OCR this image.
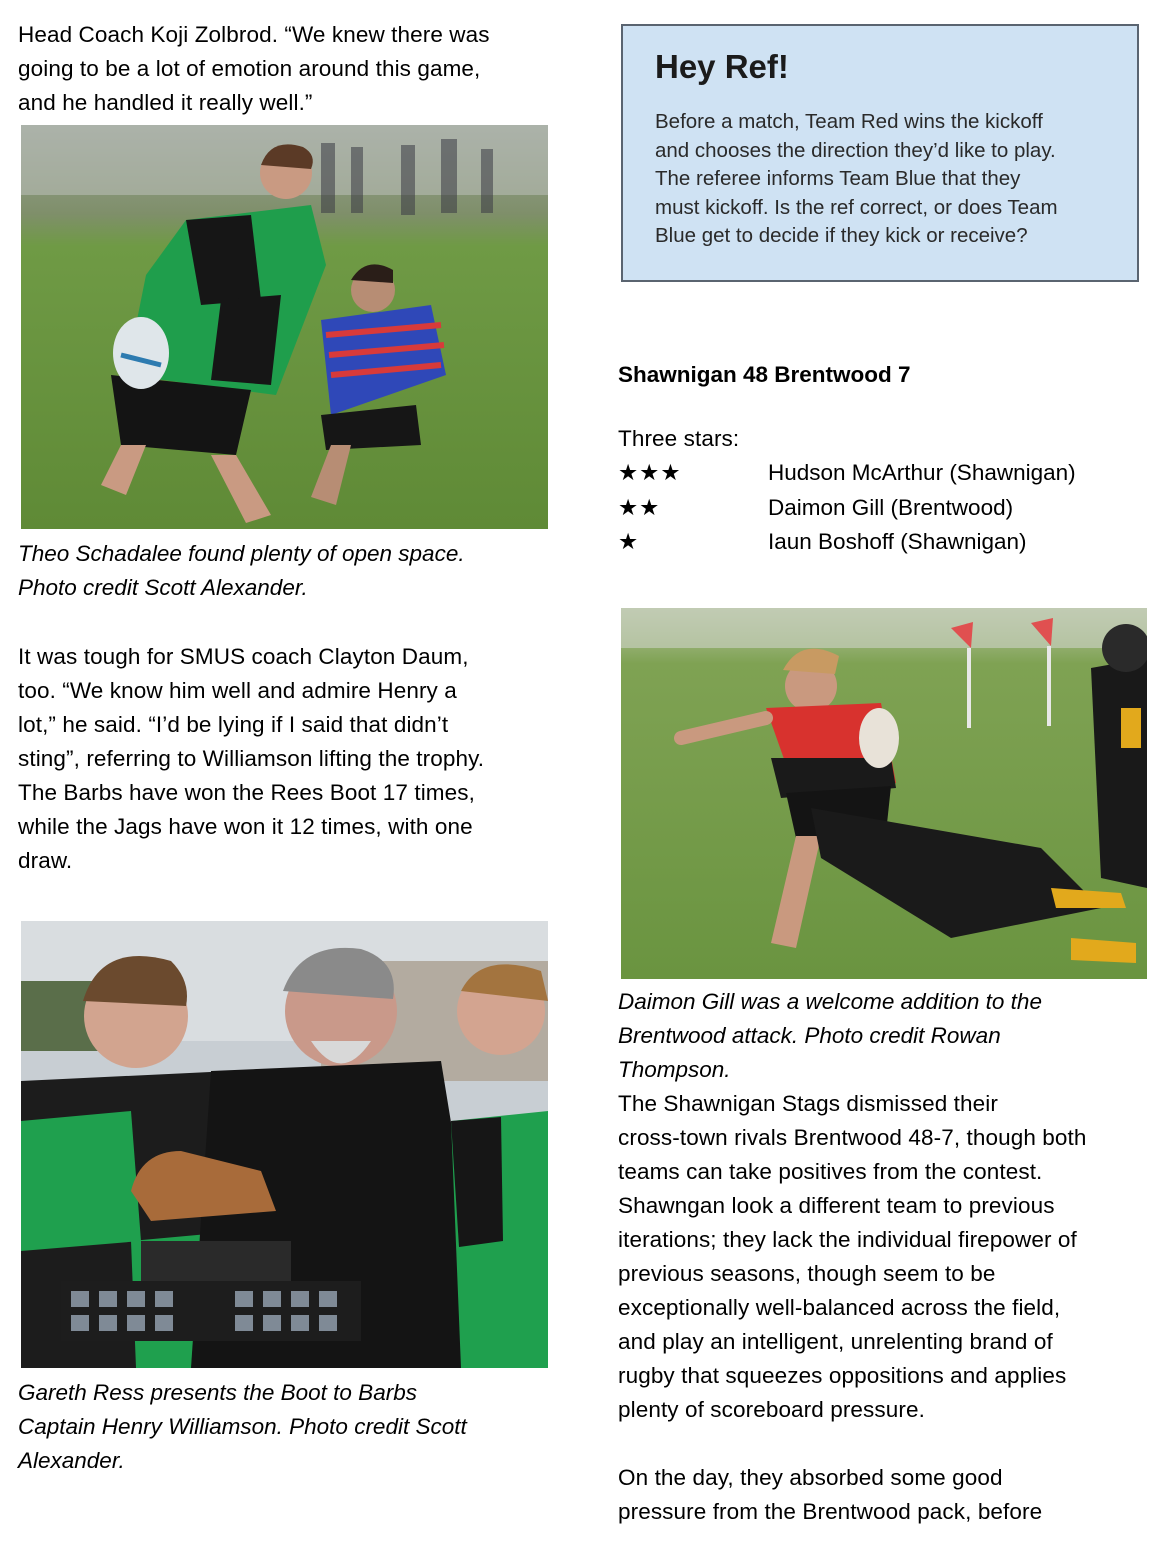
Head Coach Koji Zolbrod. “We knew there was
going to be a lot of emotion around this game,
and he handled it really well.”

Theo Schadalee found plenty of open space.
Photo credit Scott Alexander.

It was tough for SMUS coach Clayton Daum,
too. “We know him well and admire Henry a
lot,” he said. “I’d be lying if I said that didn’t
sting”, referring to Williamson lifting the trophy.
The Barbs have won the Rees Boot 17 times,
while the Jags have won it 12 times, with one
draw.

Gareth Ress presents the Boot to Barbs
Captain Henry Williamson. Photo credit Scott
Alexander.

Hey Ref!

Before a match, Team Red wins the kickoff
and chooses the direction they’d like to play.
The referee informs Team Blue that they
must kickoff. Is the ref correct, or does Team
Blue get to decide if they kick or receive?

Shawnigan 48 Brentwood 7

Three stars:

★★★	Hudson McArthur (Shawnigan)
★★	Daimon Gill (Brentwood)
★	Iaun Boshoff (Shawnigan)

Daimon Gill was a welcome addition to the
Brentwood attack. Photo credit Rowan
Thompson.

The Shawnigan Stags dismissed their
cross-town rivals Brentwood 48-7, though both
teams can take positives from the contest.
Shawngan look a different team to previous
iterations; they lack the individual firepower of
previous seasons, though seem to be
exceptionally well-balanced across the field,
and play an intelligent, unrelenting brand of
rugby that squeezes oppositions and applies
plenty of scoreboard pressure.

On the day, they absorbed some good
pressure from the Brentwood pack, before
